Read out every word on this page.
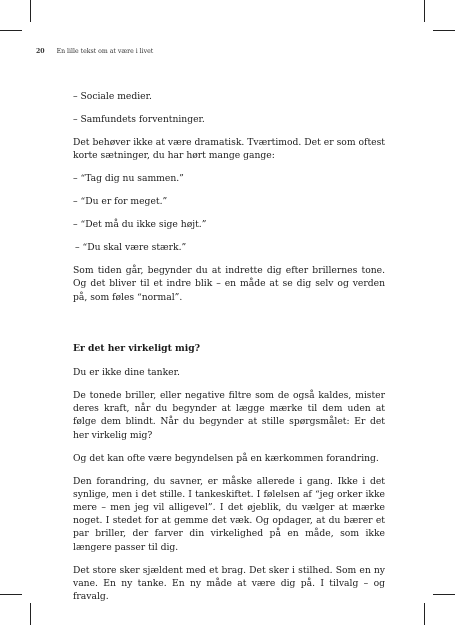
20 En lille tekst om at være i livet

– Sociale medier.

– Samfundets forventninger.

Det behøver ikke at være dramatisk. Tværtimod. Det er som oftest korte sætninger, du har hørt mange gange:

– “Tag dig nu sammen.”

– “Du er for meget.”

– “Det må du ikke sige højt.”

– “Du skal være stærk.”

Som tiden går, begynder du at indrette dig efter brillernes tone. Og det bliver til et indre blik – en måde at se dig selv og verden på, som føles “normal”.

Er det her virkeligt mig?

Du er ikke dine tanker.

De tonede briller, eller negative filtre som de også kaldes, mister deres kraft, når du begynder at lægge mærke til dem uden at følge dem blindt. Når du begynder at stille spørgsmålet: Er det her virkelig mig?

Og det kan ofte være begyndelsen på en kærkommen forandring.

Den forandring, du savner, er måske allerede i gang. Ikke i det synlige, men i det stille. I tankeskiftet. I følelsen af “jeg orker ikke mere – men jeg vil alligevel”. I det øjeblik, du vælger at mærke noget. I stedet for at gemme det væk. Og opdager, at du bærer et par briller, der farver din virkelighed på en måde, som ikke længere passer til dig.

Det store sker sjældent med et brag. Det sker i stilhed. Som en ny vane. En ny tanke. En ny måde at være dig på. I tilvalg – og fravalg.
